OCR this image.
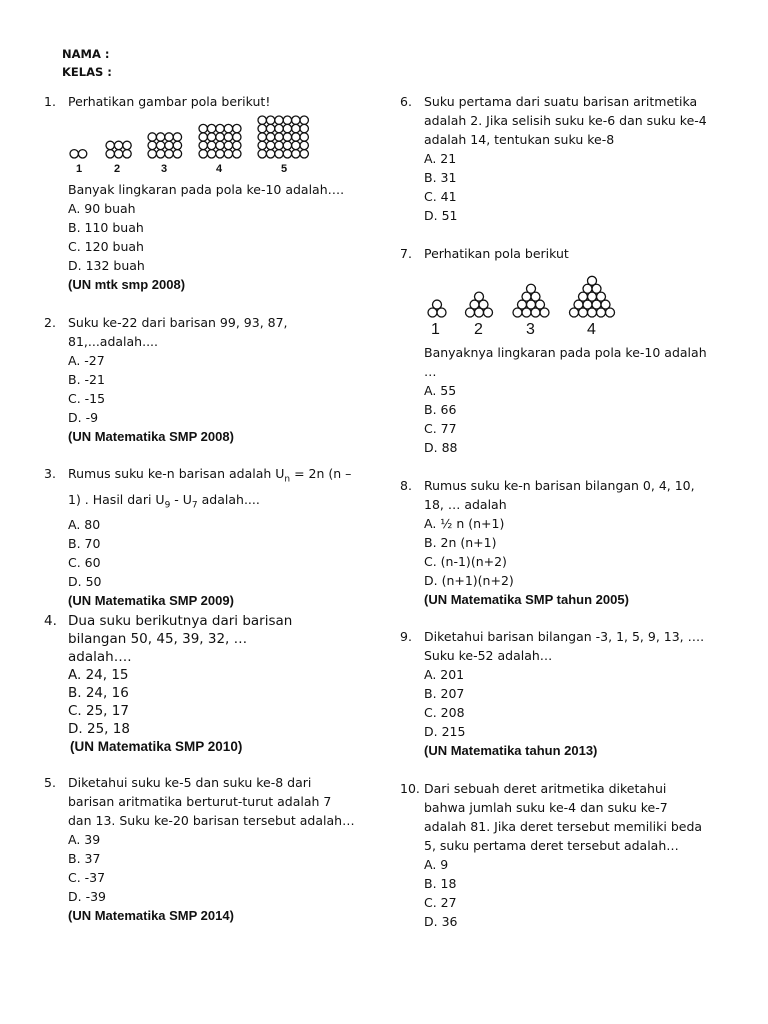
NAMA :
KELAS :
1. Perhatikan gambar pola berikut!
1	2	3	4	5
Banyak lingkaran pada pola ke-10 adalah….
A. 90 buah
B. 110 buah
C. 120 buah
D. 132 buah
(UN mtk smp 2008)
2. Suku ke-22 dari barisan 99, 93, 87,
81,...adalah....
A. -27
B. -21
C. -15
D. -9
(UN Matematika SMP 2008)
3. Rumus suku ke-n barisan adalah $U_n = 2n$ (n –
1) . Hasil dari $U_9 - U_7$ adalah....
A. 80
B. 70
C. 60
D. 50
(UN Matematika SMP 2009)
4. Dua suku berikutnya dari barisan
bilangan 50, 45, 39, 32, …
adalah….
A. 24, 15
B. 24, 16
C. 25, 17
D. 25, 18
(UN Matematika SMP 2010)
5. Diketahui suku ke-5 dan suku ke-8 dari
barisan aritmatika berturut-turut adalah 7
dan 13. Suku ke-20 barisan tersebut adalah…
A. 39
B. 37
C. -37
D. -39
(UN Matematika SMP 2014)
6. Suku pertama dari suatu barisan aritmetika
adalah 2. Jika selisih suku ke-6 dan suku ke-4
adalah 14, tentukan suku ke-8
A. 21
B. 31
C. 41
D. 51
7. Perhatikan pola berikut
1 2	3	4
Banyaknya lingkaran pada pola ke-10 adalah
…
A. 55
B. 66
C. 77
D. 88
8. Rumus suku ke-n barisan bilangan 0, 4, 10,
18, … adalah
A. ½ n (n+1)
B. 2n (n+1)
C. (n-1)(n+2)
D. (n+1)(n+2)
(UN Matematika SMP tahun 2005)
9. Diketahui barisan bilangan -3, 1, 5, 9, 13, ….
Suku ke-52 adalah…
A. 201
B. 207
C. 208
D. 215
(UN Matematika tahun 2013)
10. Dari sebuah deret aritmetika diketahui
bahwa jumlah suku ke-4 dan suku ke-7
adalah 81. Jika deret tersebut memiliki beda
5, suku pertama deret tersebut adalah…
A. 9
B. 18
C. 27
D. 36
